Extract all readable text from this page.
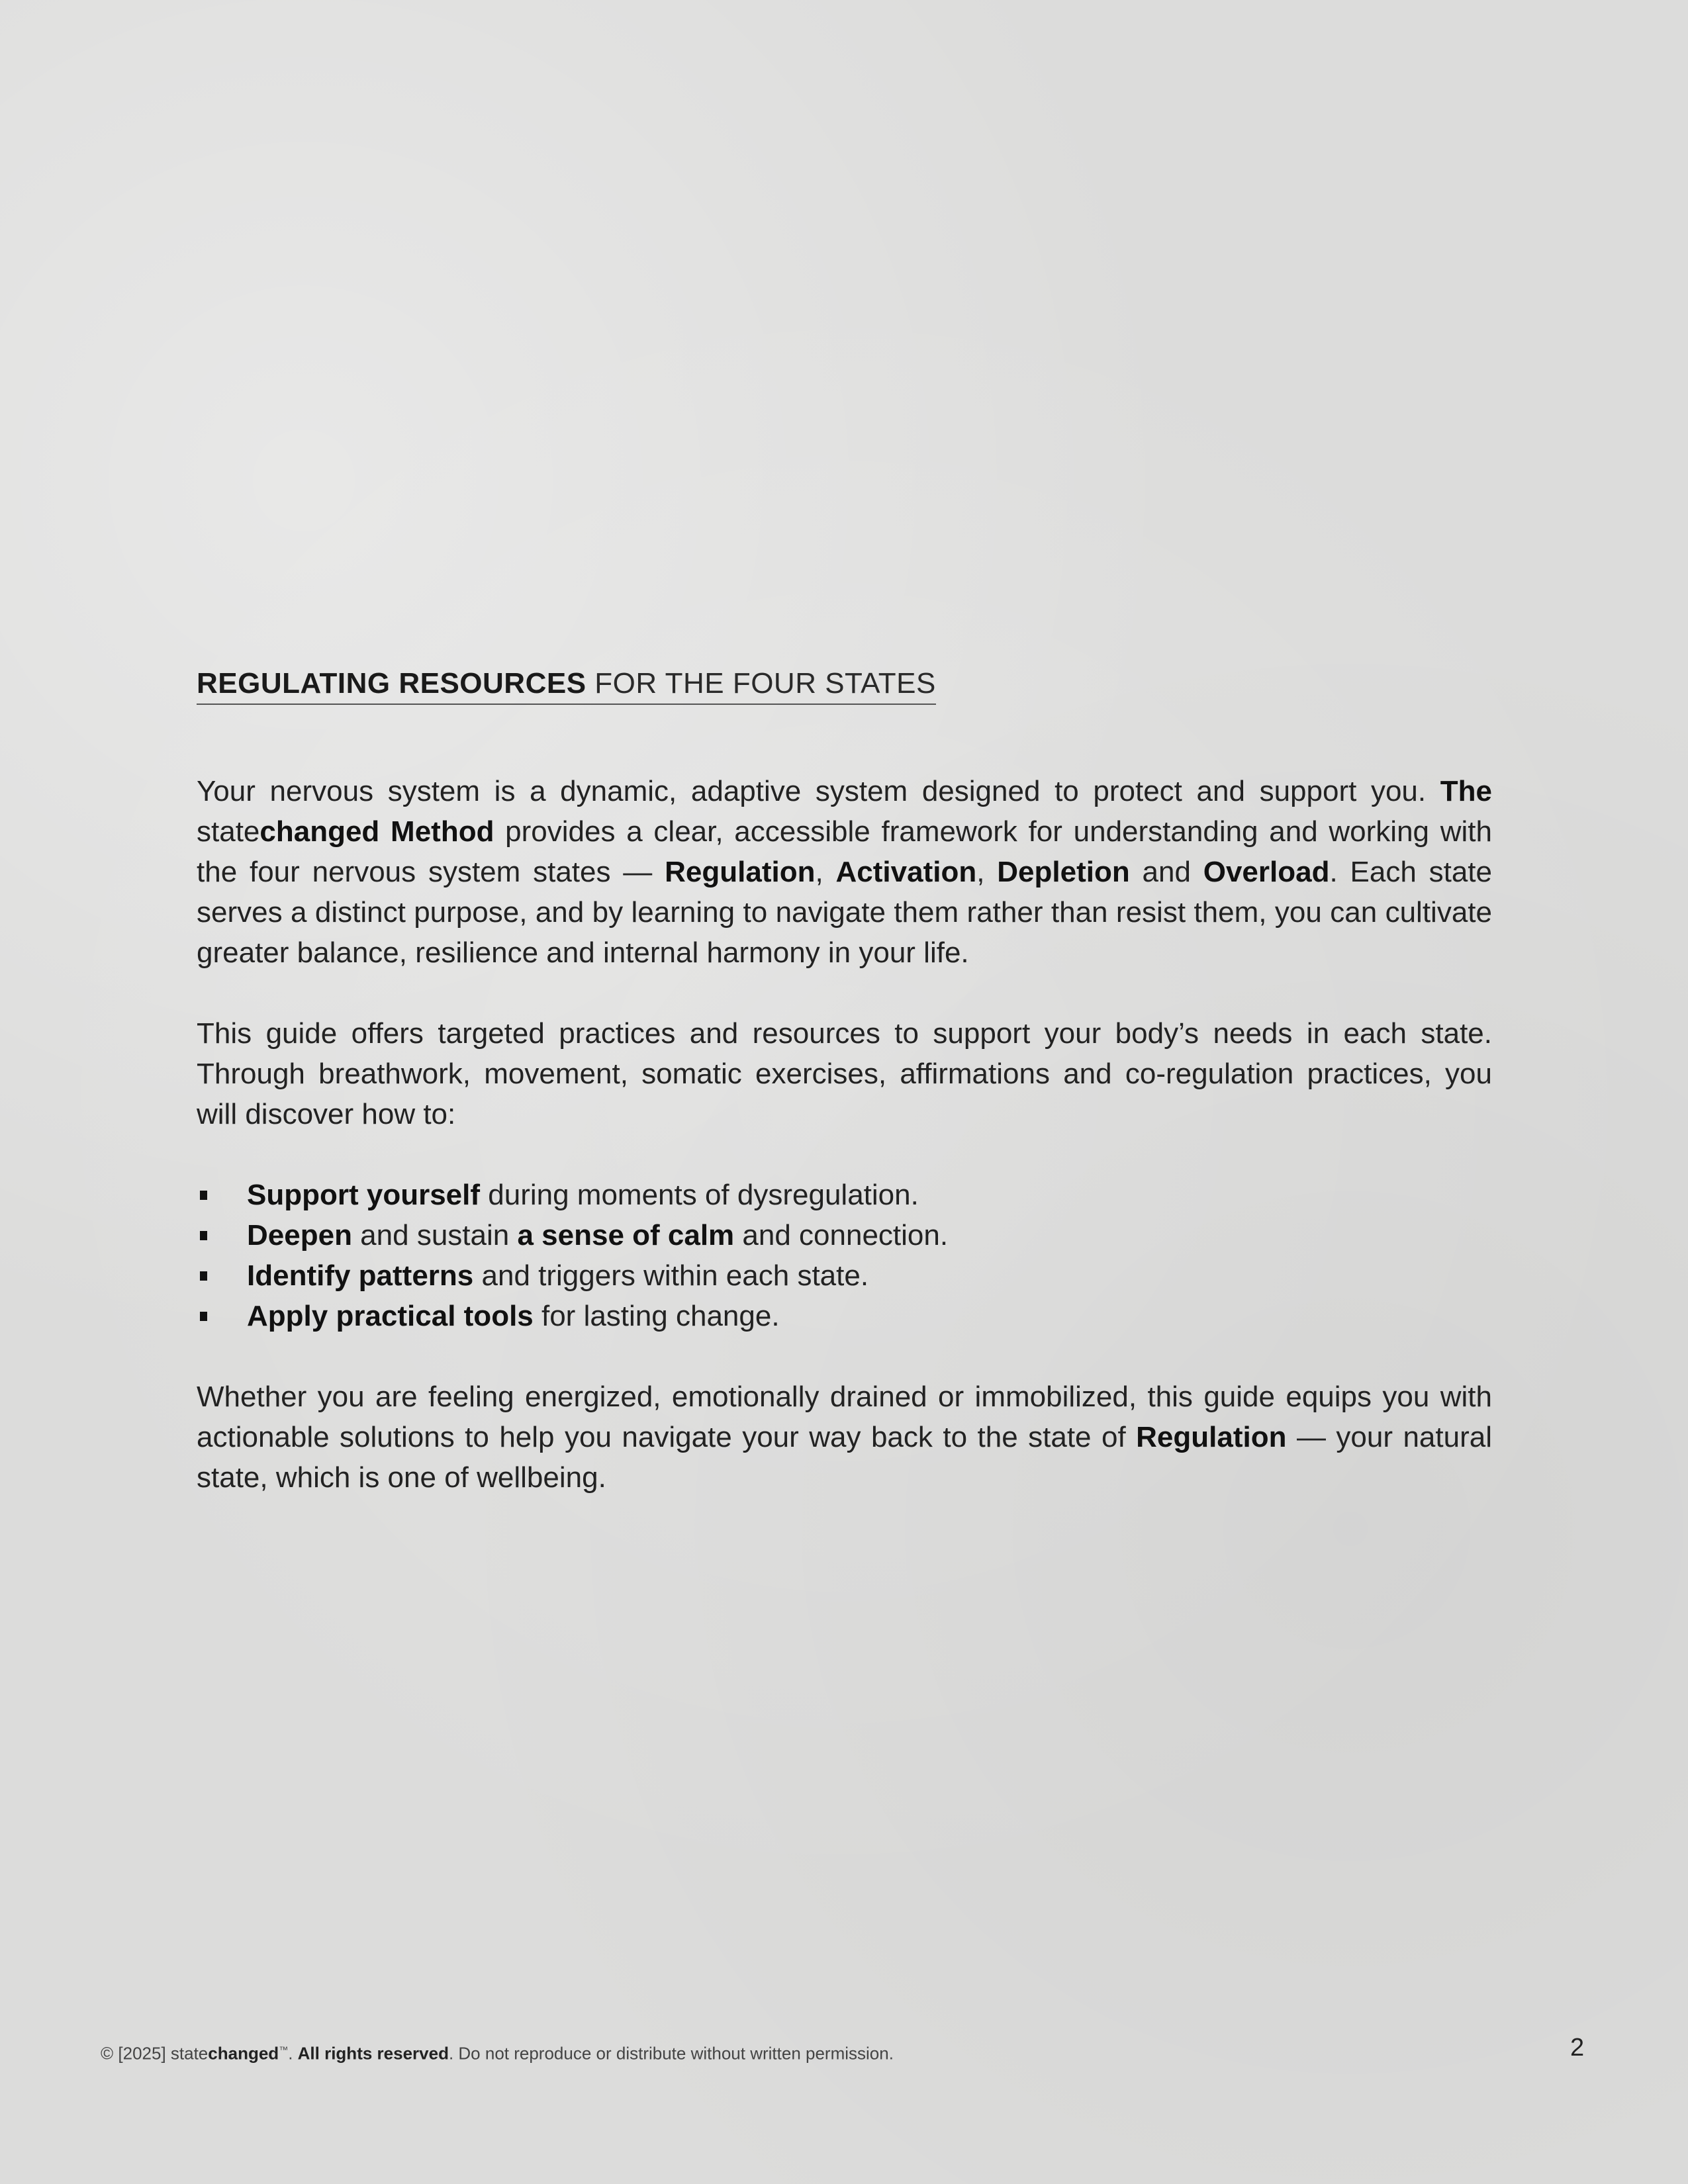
REGULATING RESOURCES FOR THE FOUR STATES

Your nervous system is a dynamic, adaptive system designed to protect and support you. The statechanged Method provides a clear, accessible framework for understanding and working with the four nervous system states — Regulation, Activation, Depletion and Overload. Each state serves a distinct purpose, and by learning to navigate them rather than resist them, you can cultivate greater balance, resilience and internal harmony in your life.

This guide offers targeted practices and resources to support your body’s needs in each state. Through breathwork, movement, somatic exercises, affirmations and co-regulation practices, you will discover how to:

Support yourself during moments of dysregulation.
Deepen and sustain a sense of calm and connection.
Identify patterns and triggers within each state.
Apply practical tools for lasting change.

Whether you are feeling energized, emotionally drained or immobilized, this guide equips you with actionable solutions to help you navigate your way back to the state of Regulation — your natural state, which is one of wellbeing.

© [2025] statechanged™. All rights reserved. Do not reproduce or distribute without written permission.	2
